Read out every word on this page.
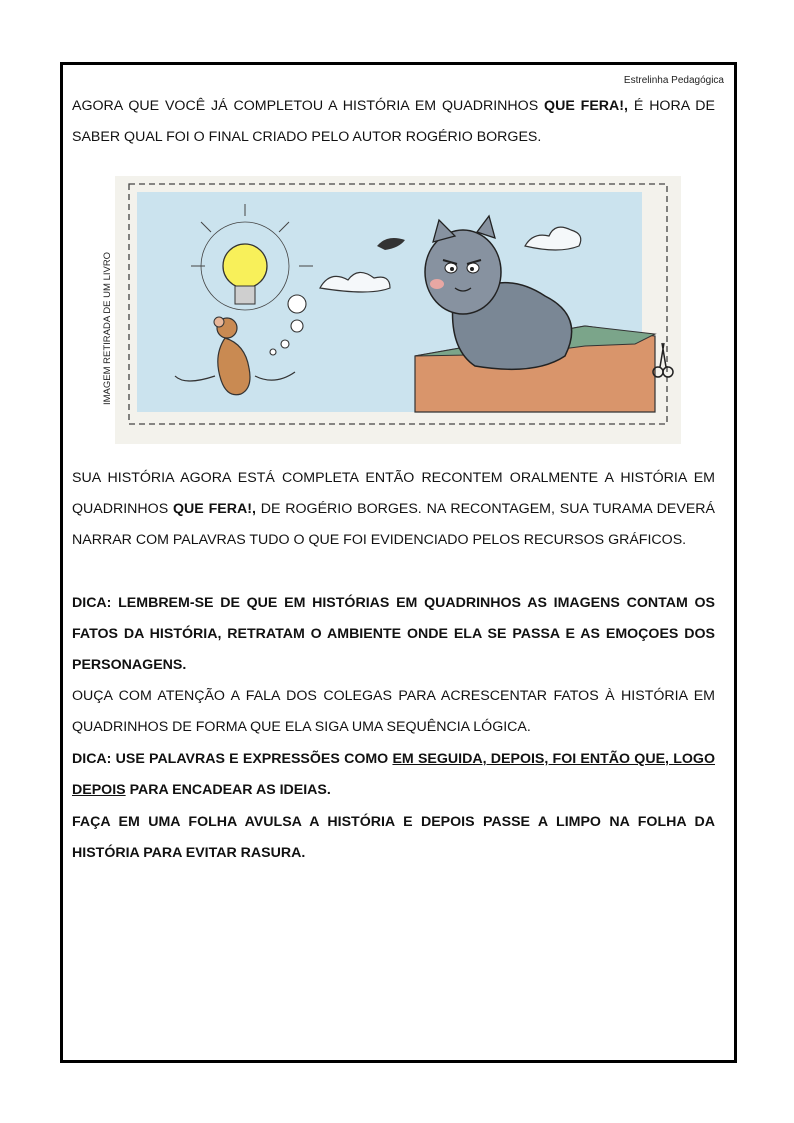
Estrelinha Pedagógica

AGORA QUE VOCÊ JÁ COMPLETOU A HISTÓRIA EM QUADRINHOS QUE FERA!, É HORA DE SABER QUAL FOI O FINAL CRIADO PELO AUTOR ROGÉRIO BORGES.

IMAGEM RETIRADA DE UM LIVRO

SUA HISTÓRIA AGORA ESTÁ COMPLETA ENTÃO RECONTEM ORALMENTE A HISTÓRIA EM QUADRINHOS QUE FERA!, DE ROGÉRIO BORGES. NA RECONTAGEM, SUA TURAMA DEVERÁ NARRAR COM PALAVRAS TUDO O QUE FOI EVIDENCIADO PELOS RECURSOS GRÁFICOS.

DICA: LEMBREM-SE DE QUE EM HISTÓRIAS EM QUADRINHOS AS IMAGENS CONTAM OS FATOS DA HISTÓRIA, RETRATAM O AMBIENTE ONDE ELA SE PASSA E AS EMOÇOES DOS PERSONAGENS.

OUÇA COM ATENÇÃO A FALA DOS COLEGAS PARA ACRESCENTAR FATOS À HISTÓRIA EM QUADRINHOS DE FORMA QUE ELA SIGA UMA SEQUÊNCIA LÓGICA.

DICA: USE PALAVRAS E EXPRESSÕES COMO EM SEGUIDA, DEPOIS, FOI ENTÃO QUE, LOGO DEPOIS PARA ENCADEAR AS IDEIAS.

FAÇA EM UMA FOLHA AVULSA A HISTÓRIA E DEPOIS PASSE A LIMPO NA FOLHA DA HISTÓRIA PARA EVITAR RASURA.
